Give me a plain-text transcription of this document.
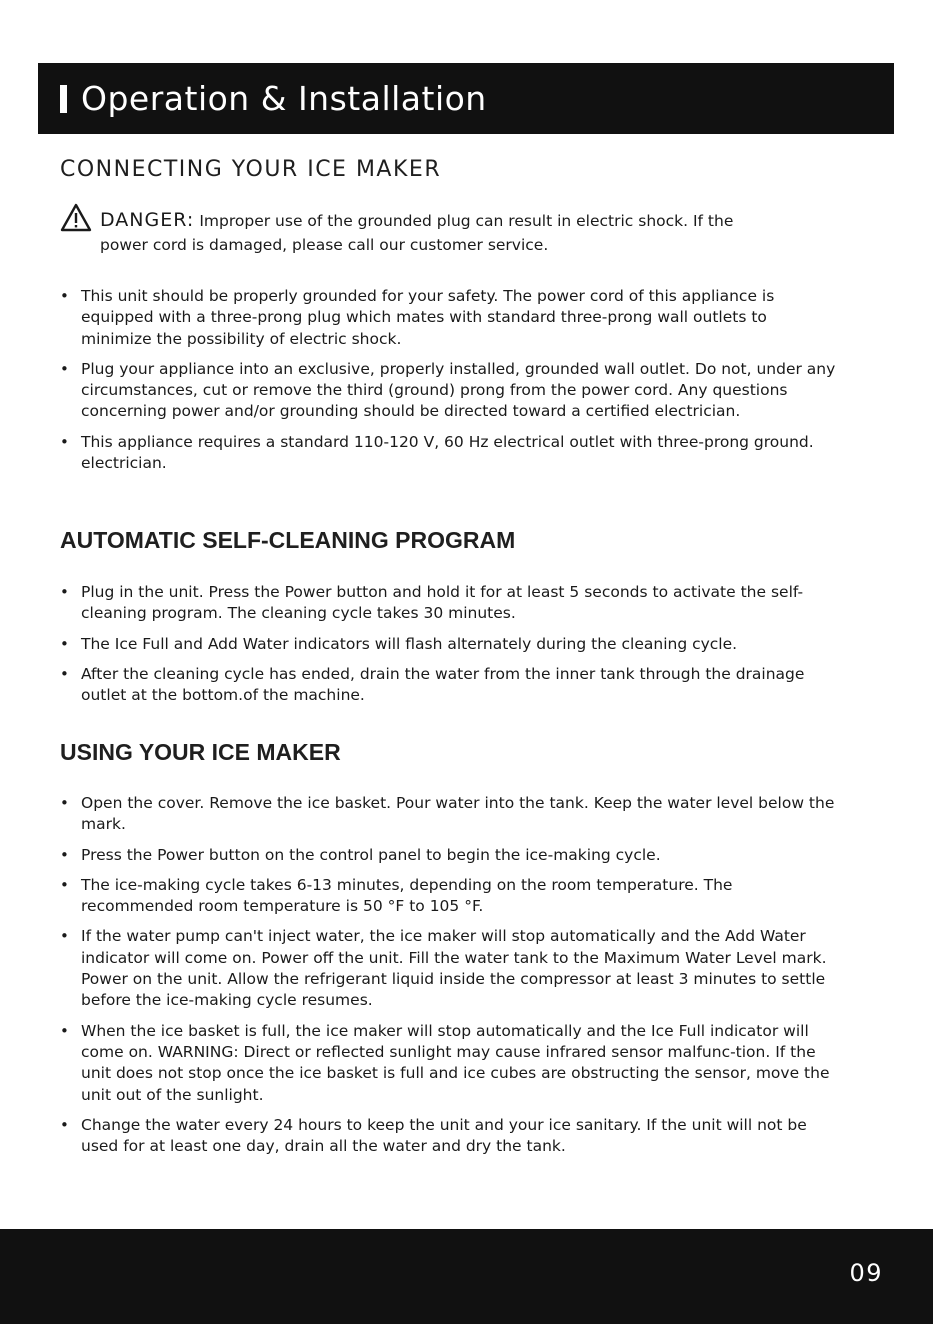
Operation & Installation
CONNECTING YOUR ICE MAKER
DANGER: Improper use of the grounded plug can result in electric shock. If the
power cord is damaged, please call our customer service.
• This unit should be properly grounded for your safety. The power cord of this appliance is equipped with a three-prong plug which mates with standard three-prong wall outlets to minimize the possibility of electric shock.
• Plug your appliance into an exclusive, properly installed, grounded wall outlet. Do not, under any circumstances, cut or remove the third (ground) prong from the power cord. Any questions concerning power and/or grounding should be directed toward a certified electrician.
• This appliance requires a standard 110-120 V, 60 Hz electrical outlet with three-prong ground. electrician.
AUTOMATIC SELF-CLEANING PROGRAM
• Plug in the unit. Press the Power button and hold it for at least 5 seconds to activate the self-cleaning program. The cleaning cycle takes 30 minutes.
• The Ice Full and Add Water indicators will flash alternately during the cleaning cycle.
• After the cleaning cycle has ended, drain the water from the inner tank through the drainage outlet at the bottom.of the machine.
USING YOUR ICE MAKER
• Open the cover. Remove the ice basket. Pour water into the tank. Keep the water level below the mark.
• Press the Power button on the control panel to begin the ice-making cycle.
• The ice-making cycle takes 6-13 minutes, depending on the room temperature. The recommended room temperature is 50 °F to 105 °F.
• If the water pump can't inject water, the ice maker will stop automatically and the Add Water indicator will come on. Power off the unit. Fill the water tank to the Maximum Water Level mark. Power on the unit. Allow the refrigerant liquid inside the compressor at least 3 minutes to settle before the ice-making cycle resumes.
• When the ice basket is full, the ice maker will stop automatically and the Ice Full indicator will come on. WARNING: Direct or reflected sunlight may cause infrared sensor malfunc-tion. If the unit does not stop once the ice basket is full and ice cubes are obstructing the sensor, move the unit out of the sunlight.
• Change the water every 24 hours to keep the unit and your ice sanitary. If the unit will not be used for at least one day, drain all the water and dry the tank.
09
